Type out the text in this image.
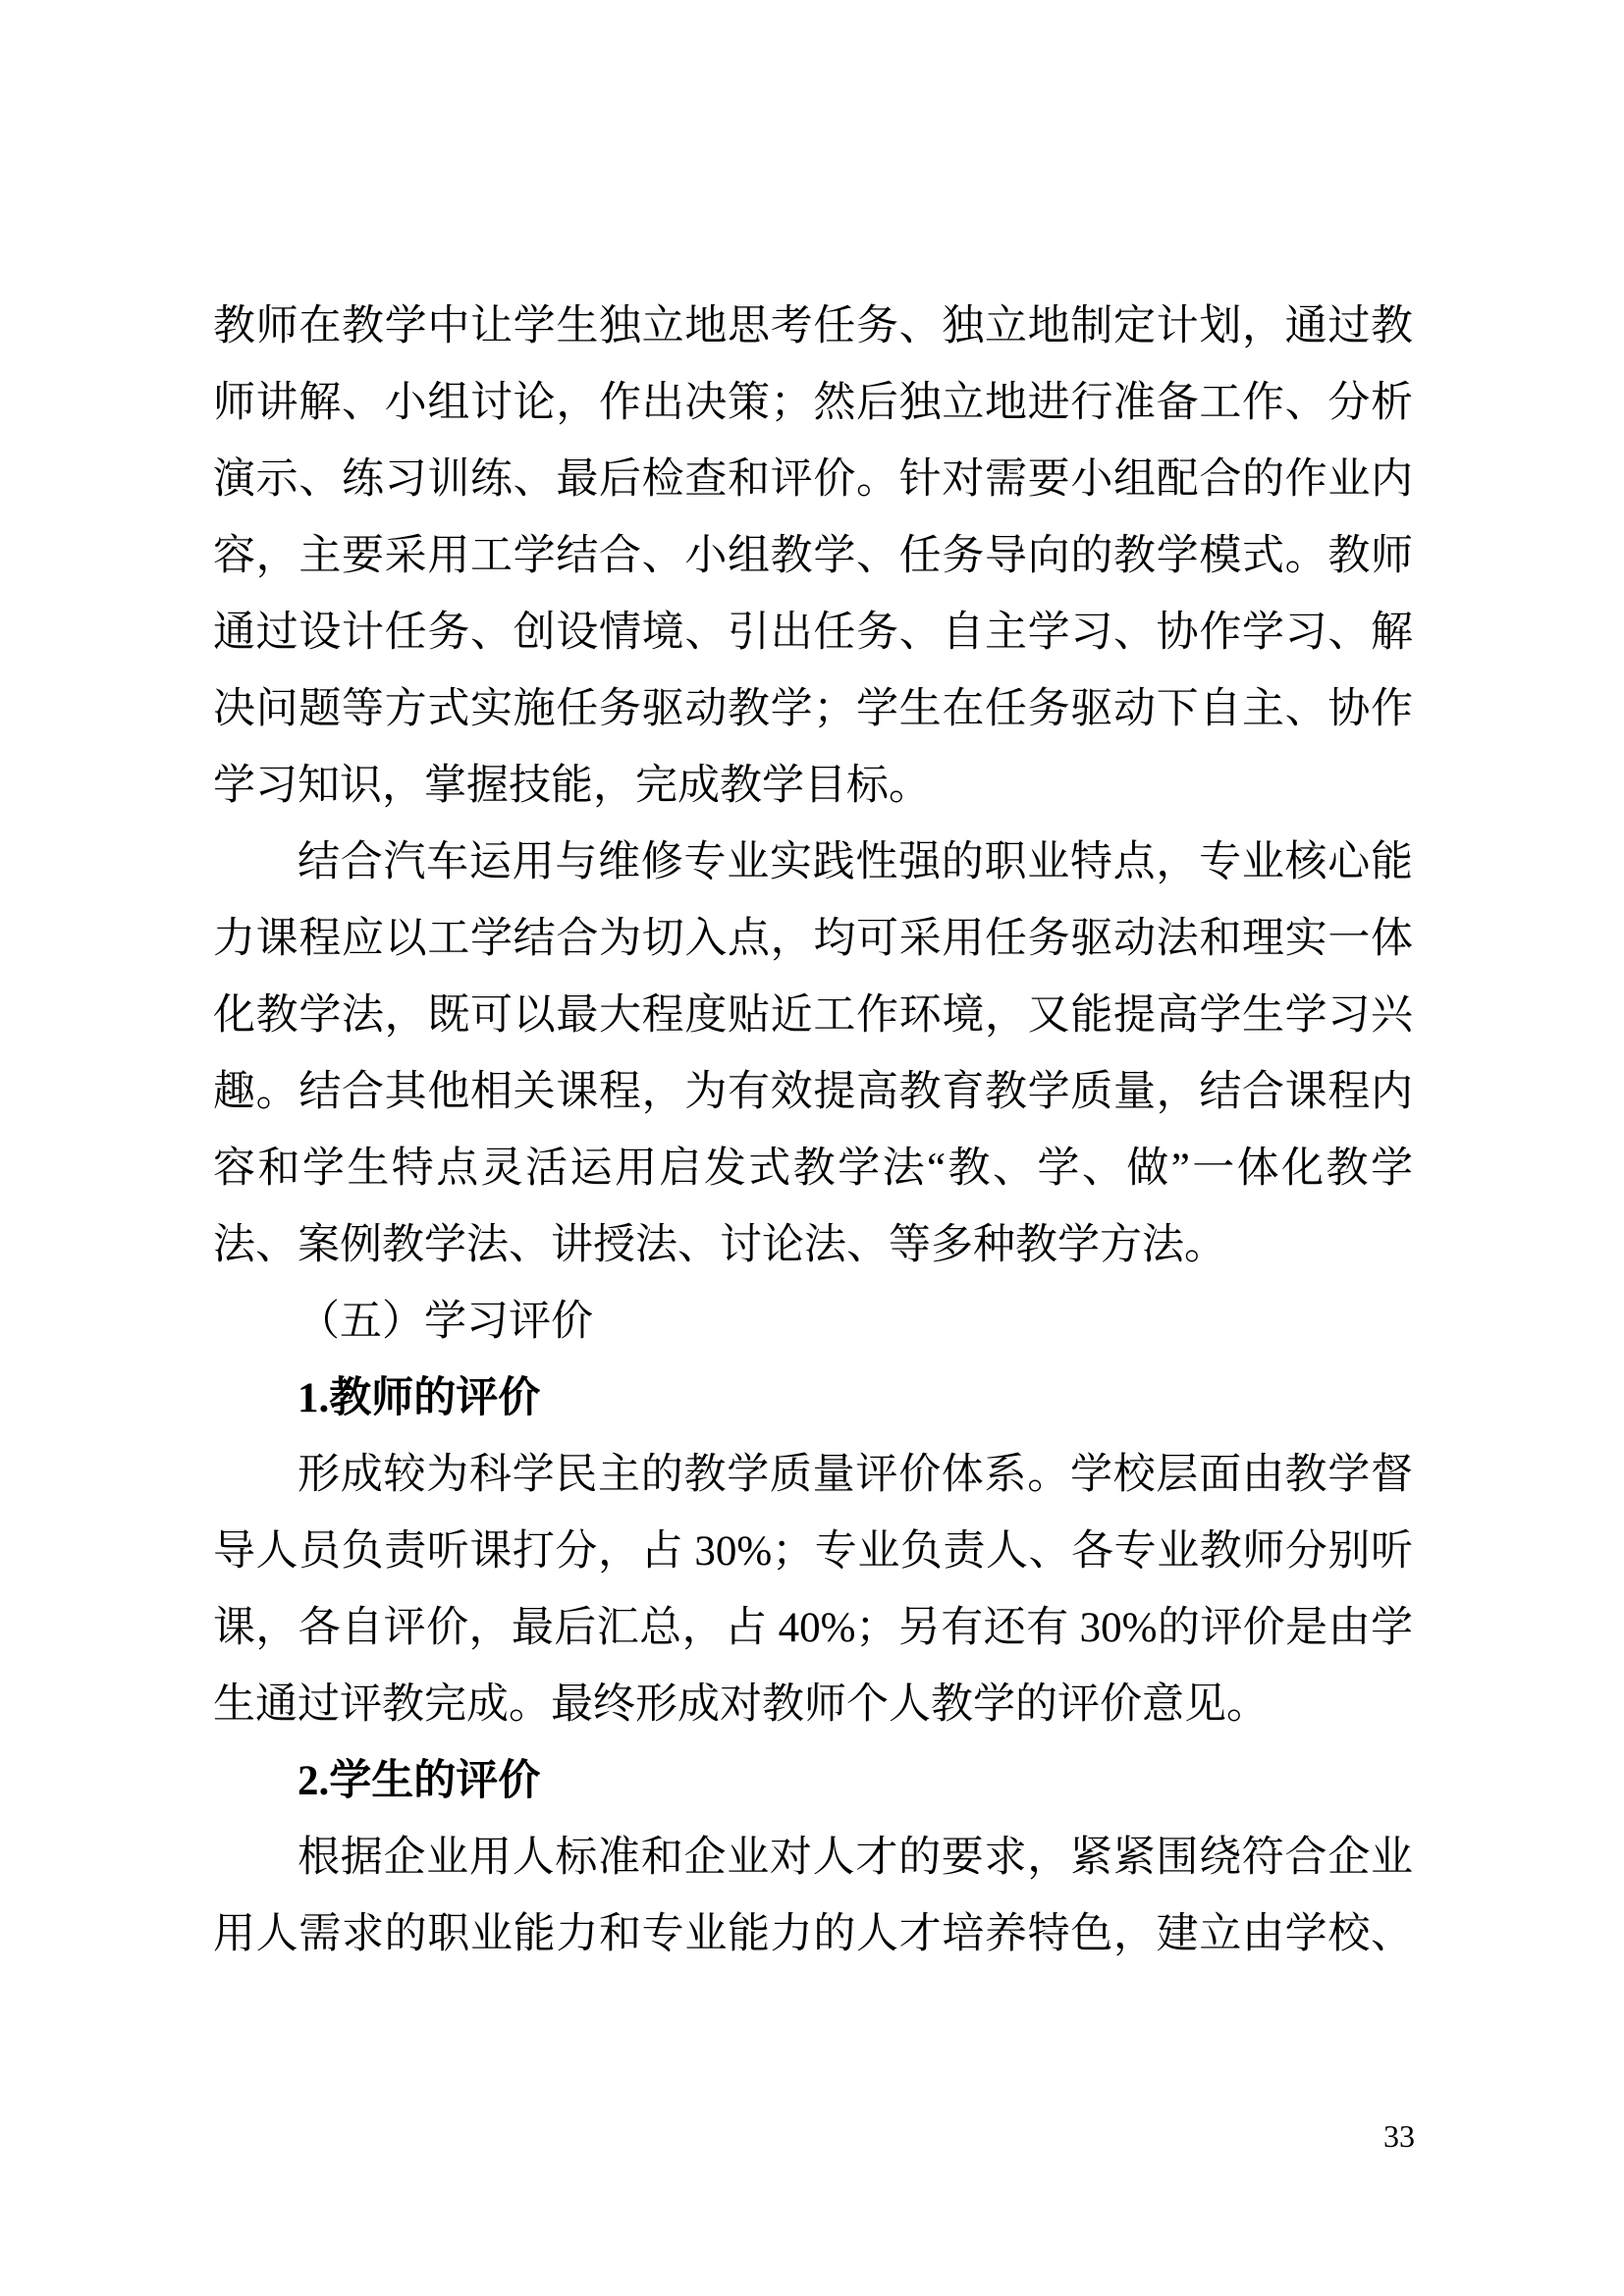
教师在教学中让学生独立地思考任务、独立地制定计划，通过教
师讲解、小组讨论，作出决策；然后独立地进行准备工作、分析
演示、练习训练、最后检查和评价。针对需要小组配合的作业内
容，主要采用工学结合、小组教学、任务导向的教学模式。教师
通过设计任务、创设情境、引出任务、自主学习、协作学习、解
决问题等方式实施任务驱动教学；学生在任务驱动下自主、协作
学习知识，掌握技能，完成教学目标。
结合汽车运用与维修专业实践性强的职业特点，专业核心能
力课程应以工学结合为切入点，均可采用任务驱动法和理实一体
化教学法，既可以最大程度贴近工作环境，又能提高学生学习兴
趣。结合其他相关课程，为有效提高教育教学质量，结合课程内
容和学生特点灵活运用启发式教学法“教、学、做”一体化教学
法、案例教学法、讲授法、讨论法、等多种教学方法。
（五）学习评价
1.教师的评价
形成较为科学民主的教学质量评价体系。学校层面由教学督
导人员负责听课打分，占 30%；专业负责人、各专业教师分别听
课，各自评价，最后汇总，占 40%；另有还有 30%的评价是由学
生通过评教完成。最终形成对教师个人教学的评价意见。
2.学生的评价
根据企业用人标准和企业对人才的要求，紧紧围绕符合企业
用人需求的职业能力和专业能力的人才培养特色，建立由学校、
33
